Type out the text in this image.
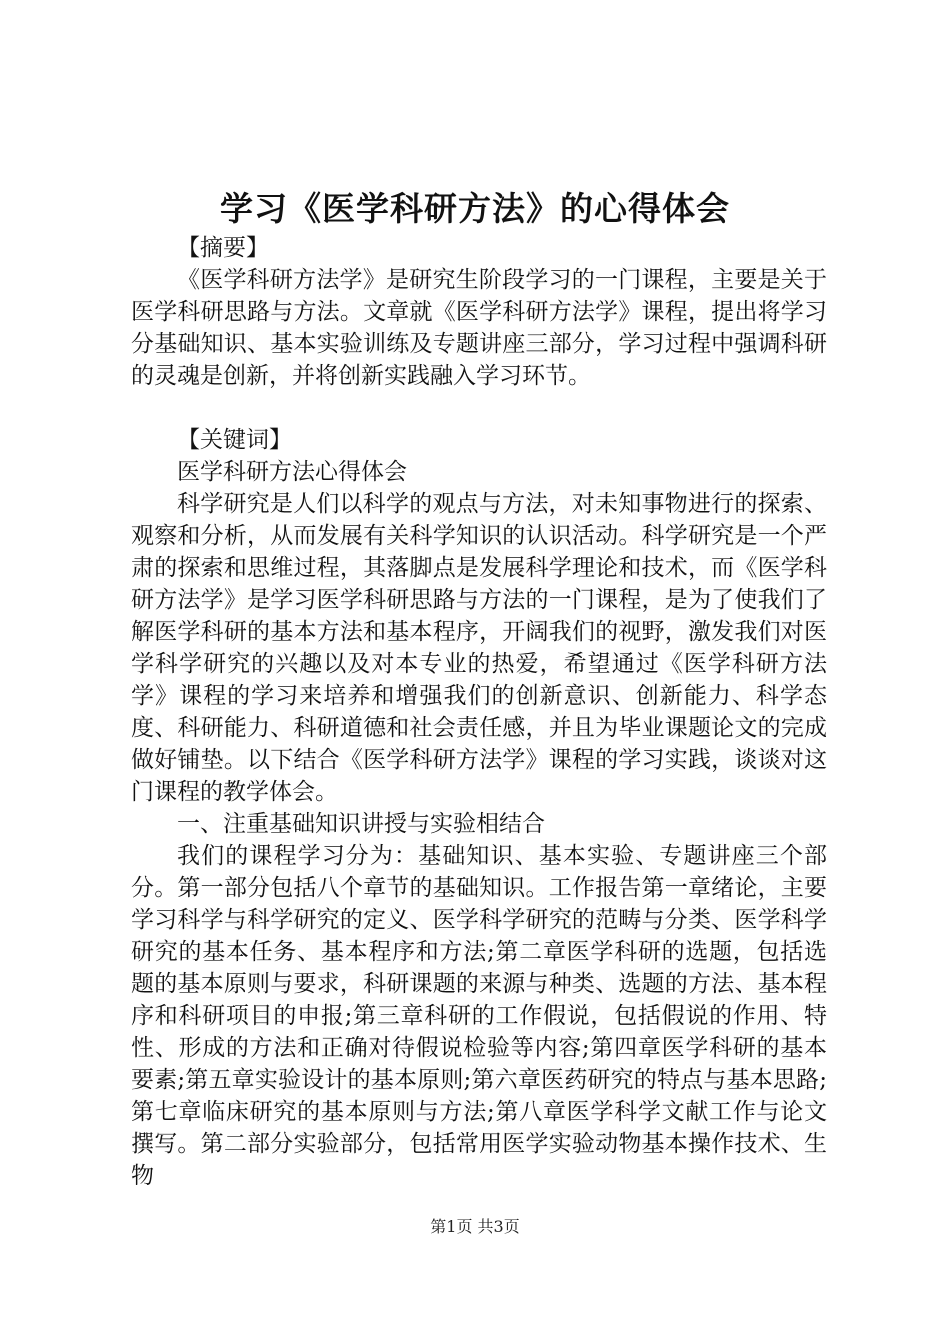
学习《医学科研方法》的心得体会

【摘要】

《医学科研方法学》是研究生阶段学习的一门课程，主要是关于医学科研思路与方法。文章就《医学科研方法学》课程，提出将学习分基础知识、基本实验训练及专题讲座三部分，学习过程中强调科研的灵魂是创新，并将创新实践融入学习环节。

【关键词】

医学科研方法心得体会

科学研究是人们以科学的观点与方法，对未知事物进行的探索、观察和分析，从而发展有关科学知识的认识活动。科学研究是一个严肃的探索和思维过程，其落脚点是发展科学理论和技术，而《医学科研方法学》是学习医学科研思路与方法的一门课程，是为了使我们了解医学科研的基本方法和基本程序，开阔我们的视野，激发我们对医学科学研究的兴趣以及对本专业的热爱，希望通过《医学科研方法学》课程的学习来培养和增强我们的创新意识、创新能力、科学态度、科研能力、科研道德和社会责任感，并且为毕业课题论文的完成做好铺垫。以下结合《医学科研方法学》课程的学习实践，谈谈对这门课程的教学体会。

一、注重基础知识讲授与实验相结合

我们的课程学习分为：基础知识、基本实验、专题讲座三个部分。第一部分包括八个章节的基础知识。工作报告第一章绪论，主要学习科学与科学研究的定义、医学科学研究的范畴与分类、医学科学研究的基本任务、基本程序和方法;第二章医学科研的选题，包括选题的基本原则与要求，科研课题的来源与种类、选题的方法、基本程序和科研项目的申报;第三章科研的工作假说，包括假说的作用、特性、形成的方法和正确对待假说检验等内容;第四章医学科研的基本要素;第五章实验设计的基本原则;第六章医药研究的特点与基本思路;第七章临床研究的基本原则与方法;第八章医学科学文献工作与论文撰写。第二部分实验部分，包括常用医学实验动物基本操作技术、生物

第1页 共3页
